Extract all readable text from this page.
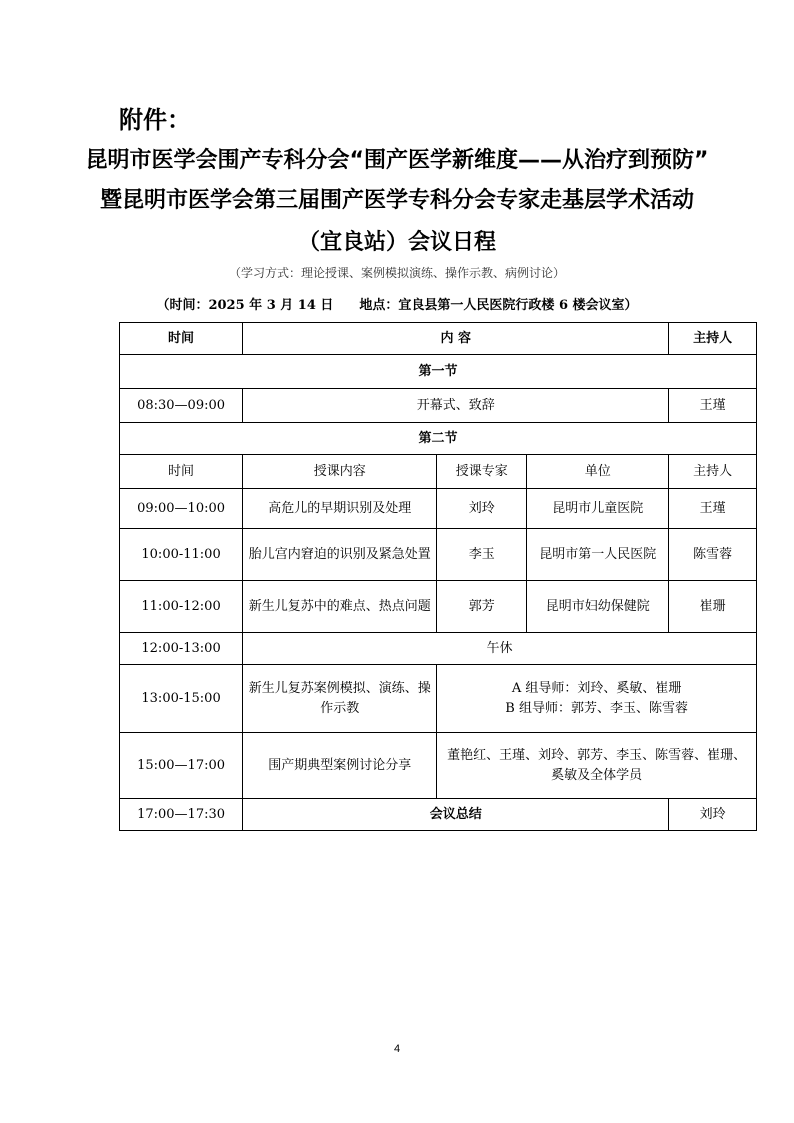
附件：
昆明市医学会围产专科分会“围产医学新维度——从治疗到预防”
暨昆明市医学会第三届围产医学专科分会专家走基层学术活动
（宜良站）会议日程
（学习方式：理论授课、案例模拟演练、操作示教、病例讨论）
（时间：2025 年 3 月 14 日　　地点：宜良县第一人民医院行政楼 6 楼会议室）
时间	内 容			主持人
第一节				
08:30—09:00	开幕式、致辞			王瑾
第二节				
时间	授课内容	授课专家	单位	主持人
09:00—10:00	高危儿的早期识别及处理	刘玲	昆明市儿童医院	王瑾
10:00-11:00	胎儿宫内窘迫的识别及紧急处置	李玉	昆明市第一人民医院	陈雪蓉
11:00-12:00	新生儿复苏中的难点、热点问题	郭芳	昆明市妇幼保健院	崔珊
12:00-13:00	午休			
13:00-15:00	新生儿复苏案例模拟、演练、操作示教	A 组导师：刘玲、奚敏、崔珊
B 组导师：郭芳、李玉、陈雪蓉		

15:00—17:00	围产期典型案例讨论分享	董艳红、王瑾、刘玲、郭芳、李玉、陈雪蓉、崔珊、奚敏及全体学员		
17:00—17:30	会议总结			刘玲
4
